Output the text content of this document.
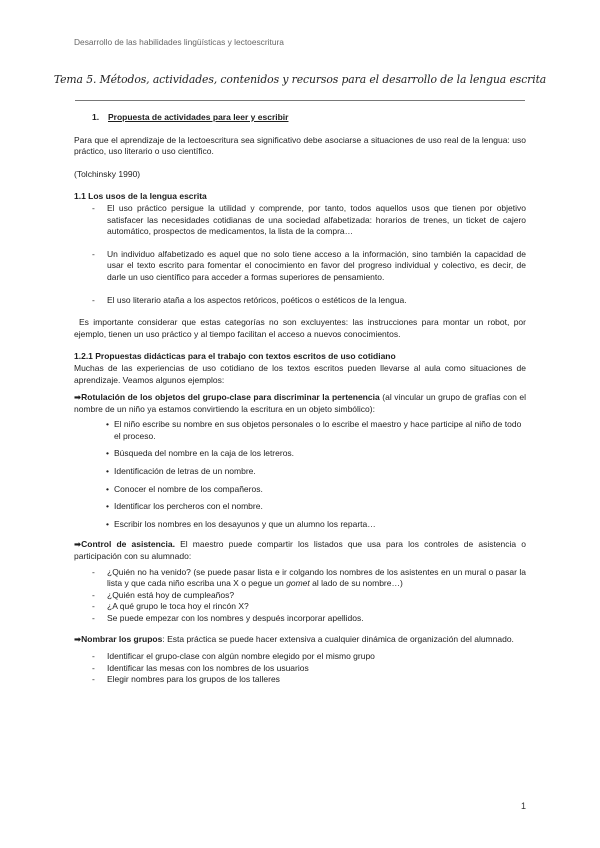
Desarrollo de las habilidades lingüísticas y lectoescritura
Tema 5. Métodos, actividades, contenidos y recursos para el desarrollo de la lengua escrita

1. Propuesta de actividades para leer y escribir

Para que el aprendizaje de la lectoescritura sea significativo debe asociarse a situaciones de uso real de la lengua: uso práctico, uso literario o uso científico.

(Tolchinsky 1990)

1.1 Los usos de la lengua escrita

-	El uso práctico persigue la utilidad y comprende, por tanto, todos aquellos usos que tienen por objetivo satisfacer las necesidades cotidianas de una sociedad alfabetizada: horarios de trenes, un ticket de cajero automático, prospectos de medicamentos, la lista de la compra…
-	Un individuo alfabetizado es aquel que no solo tiene acceso a la información, sino también la capacidad de usar el texto escrito para fomentar el conocimiento en favor del progreso individual y colectivo, es decir, de darle un uso científico para acceder a formas superiores de pensamiento.
-	El uso literario ataña a los aspectos retóricos, poéticos o estéticos de la lengua.

Es importante considerar que estas categorías no son excluyentes: las instrucciones para montar un robot, por ejemplo, tienen un uso práctico y al tiempo facilitan el acceso a nuevos conocimientos.

1.2.1 Propuestas didácticas para el trabajo con textos escritos de uso cotidiano

Muchas de las experiencias de uso cotidiano de los textos escritos pueden llevarse al aula como situaciones de aprendizaje. Veamos algunos ejemplos:

➡Rotulación de los objetos del grupo-clase para discriminar la pertenencia (al vincular un grupo de grafías con el nombre de un niño ya estamos convirtiendo la escritura en un objeto simbólico):

• El niño escribe su nombre en sus objetos personales o lo escribe el maestro y hace participe al niño de todo el proceso.
• Búsqueda del nombre en la caja de los letreros.
• Identificación de letras de un nombre.
• Conocer el nombre de los compañeros.
• Identificar los percheros con el nombre.
• Escribir los nombres en los desayunos y que un alumno los reparta…

➡Control de asistencia. El maestro puede compartir los listados que usa para los controles de asistencia o participación con su alumnado:

-	¿Quién no ha venido? (se puede pasar lista e ir colgando los nombres de los asistentes en un mural o pasar la lista y que cada niño escriba una X o pegue un gomet al lado de su nombre…)
-	¿Quién está hoy de cumpleaños?
-	¿A qué grupo le toca hoy el rincón X?
-	Se puede empezar con los nombres y después incorporar apellidos.

➡Nombrar los grupos: Esta práctica se puede hacer extensiva a cualquier dinámica de organización del alumnado.

-	Identificar el grupo-clase con algún nombre elegido por el mismo grupo
-	Identificar las mesas con los nombres de los usuarios
-	Elegir nombres para los grupos de los talleres
1
